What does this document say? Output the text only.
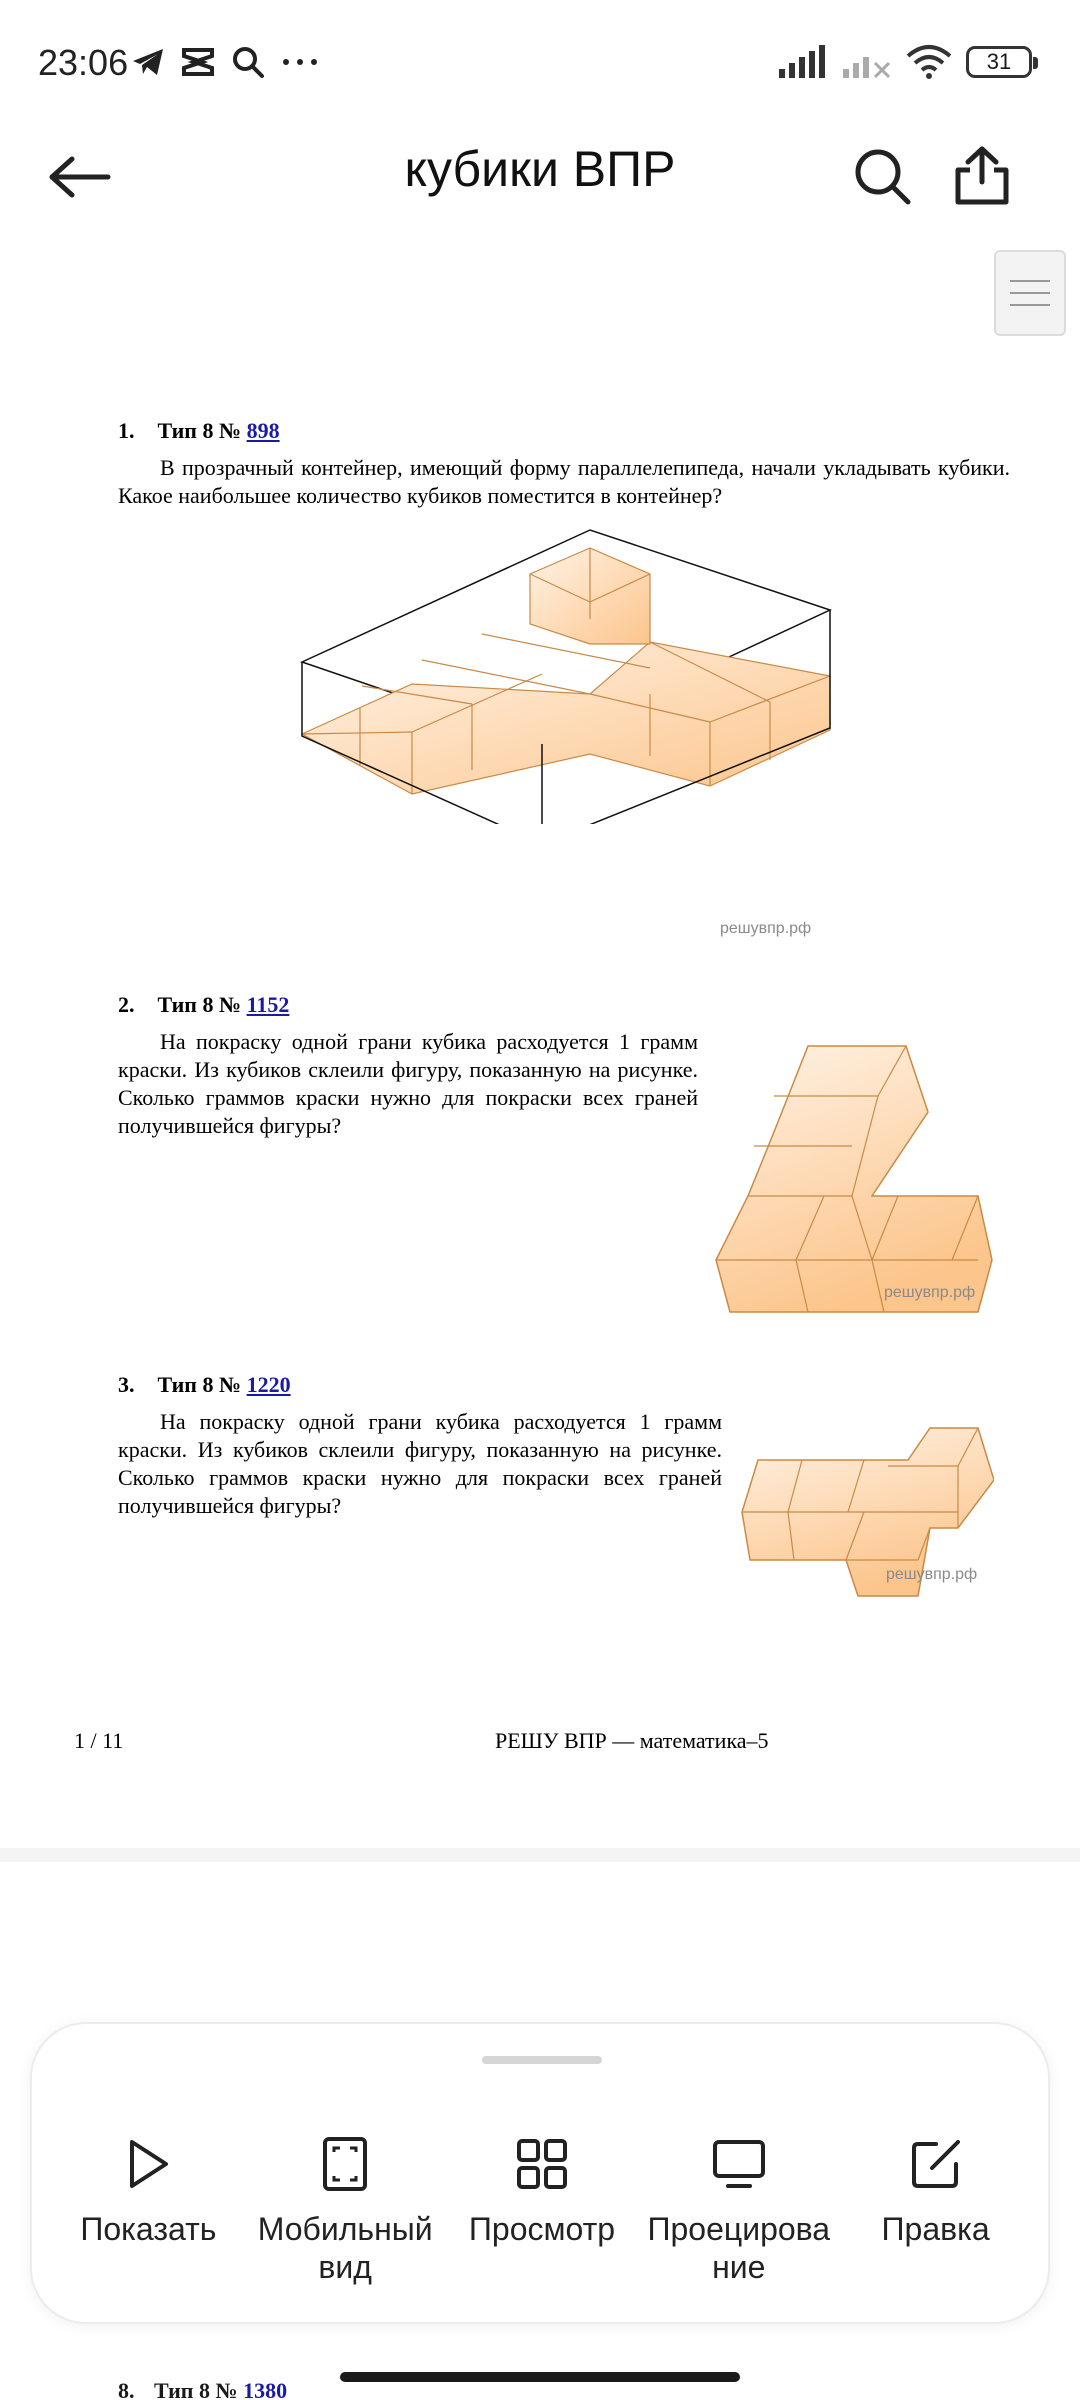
23:06	31
кубики ВПР
1. Тип 8 № 898
В прозрачный контейнер, имеющий форму параллелепипеда, начали укладывать кубики. Какое наибольшее количество кубиков поместится в контейнер?
решувпр.рф
2. Тип 8 № 1152
На покраску одной грани кубика расходуется 1 грамм краски. Из кубиков склеили фигуру, показанную на рисунке. Сколько граммов краски нужно для покраски всех граней получившейся фигуры?
решувпр.рф
3. Тип 8 № 1220
На покраску одной грани кубика расходуется 1 грамм краски. Из кубиков склеили фигуру, показанную на рисунке. Сколько граммов краски нужно для покраски всех граней получившейся фигуры?
решувпр.рф
1 / 11	РЕШУ ВПР — математика–5
8. Тип 8 № 1380
Показать Мобильный вид
Просмотр Проецирование
Правка
